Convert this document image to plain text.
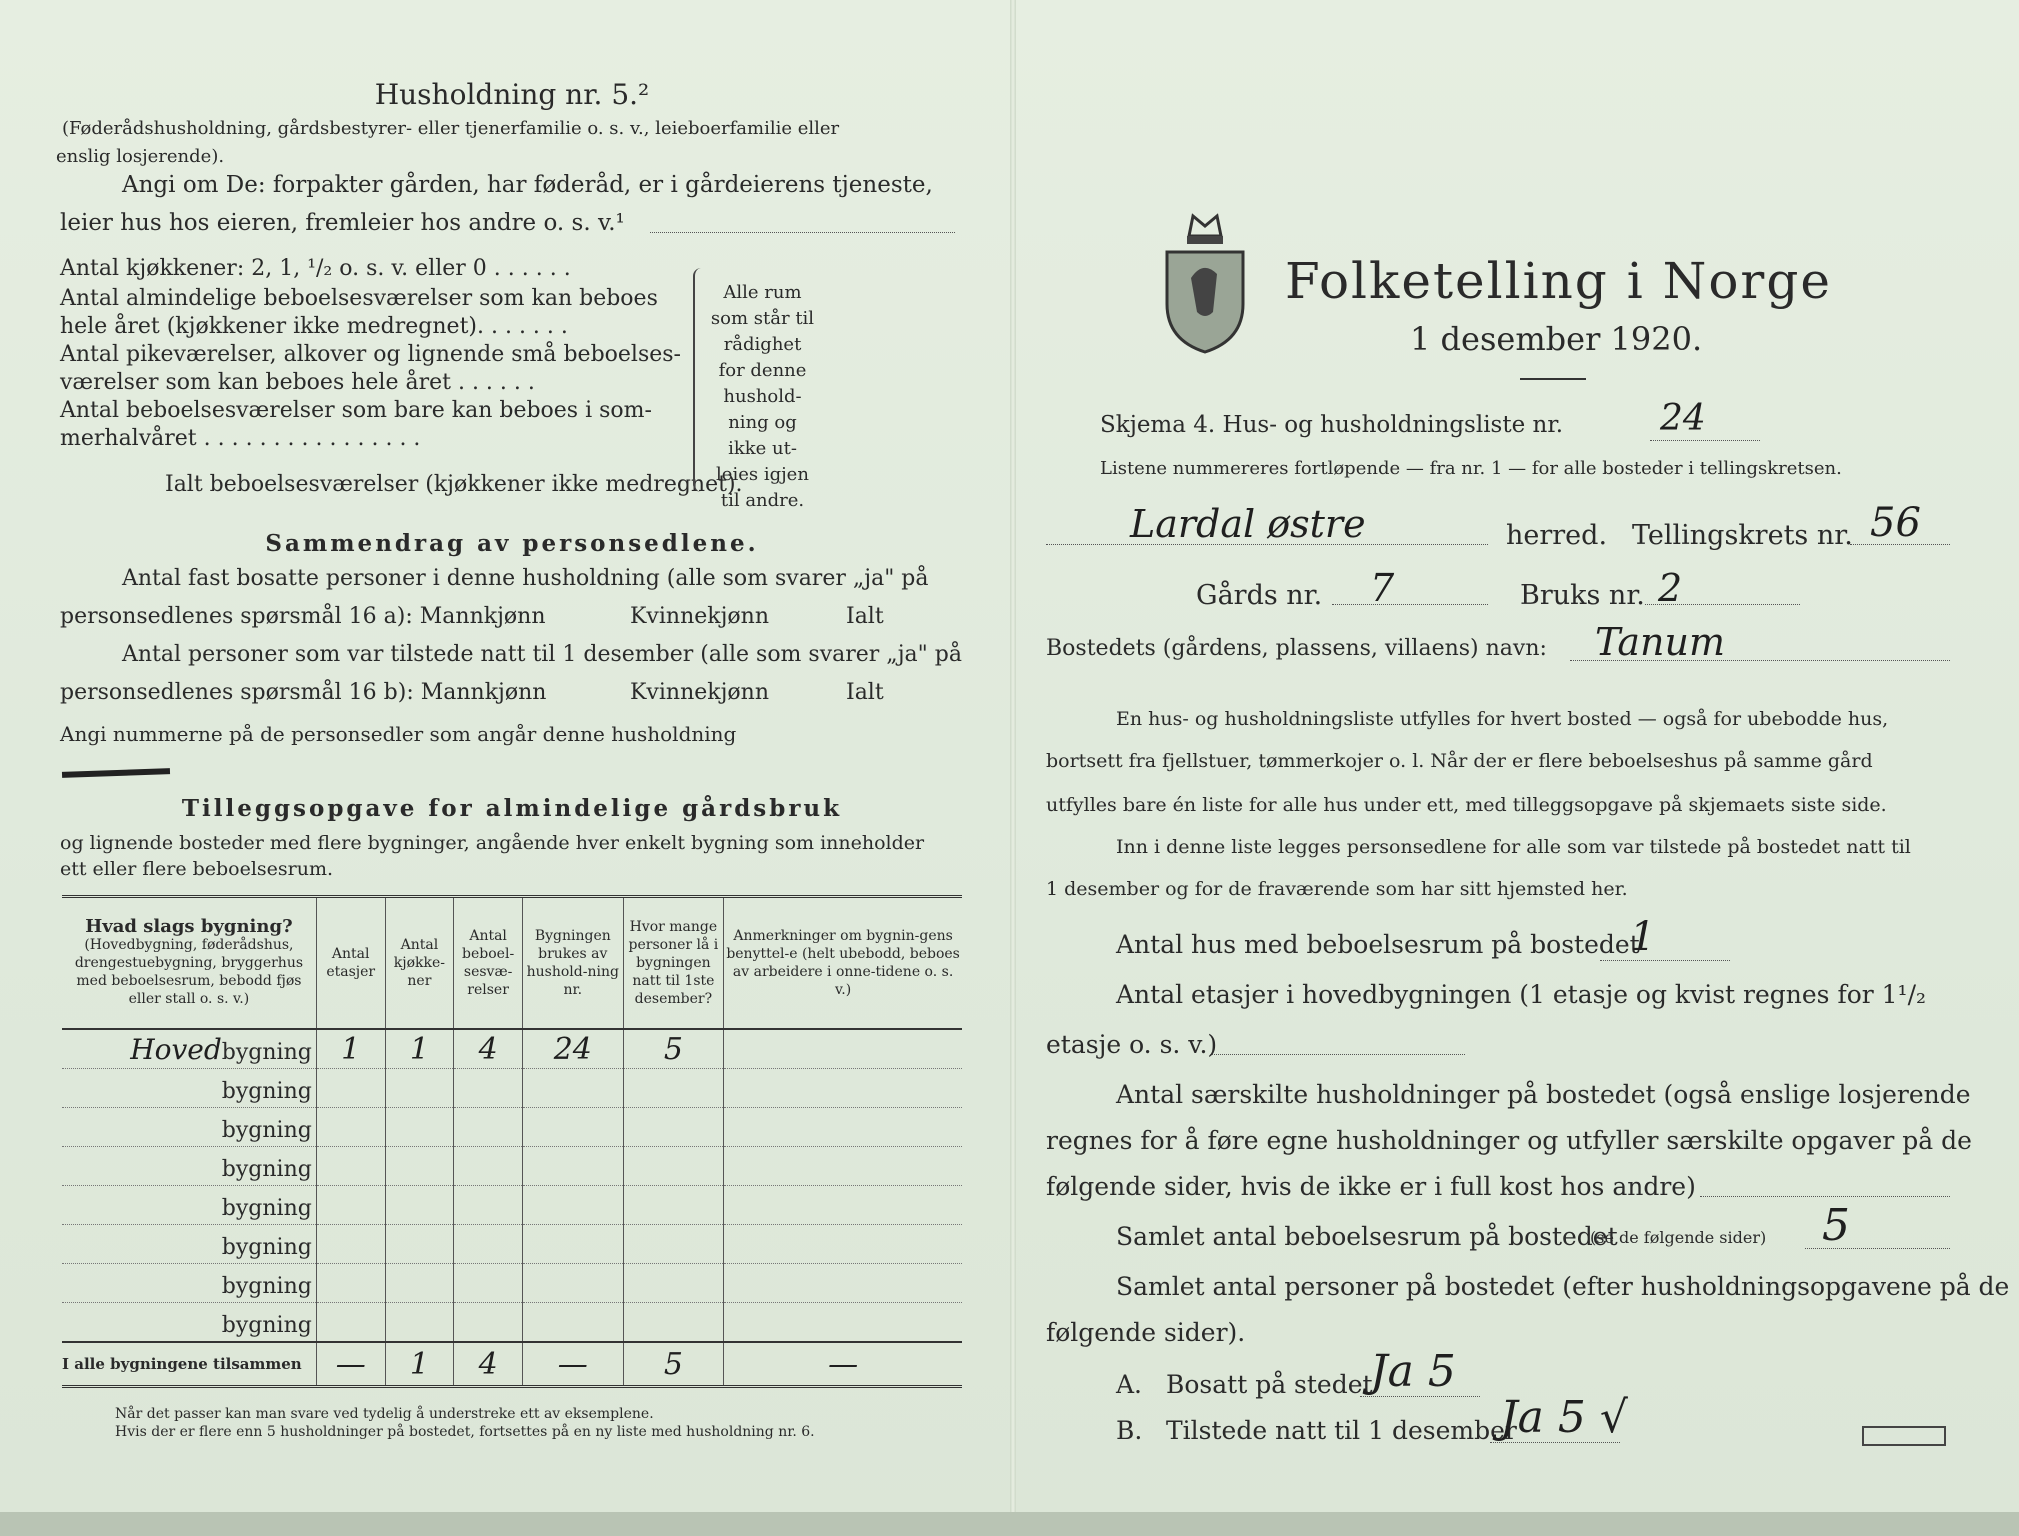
Husholdning nr. 5.²
(Føderådshusholdning, gårdsbestyrer- eller tjenerfamilie o. s. v., leieboerfamilie eller
enslig losjerende).
Angi om De: forpakter gården, har føderåd, er i gårdeierens tjeneste,
leier hus hos eieren, fremleier hos andre o. s. v.¹
Antal kjøkkener: 2, 1, ¹/₂ o. s. v. eller 0 . . . . . .
Antal almindelige beboelsesværelser som kan beboes
hele året (kjøkkener ikke medregnet). . . . . . .
Antal pikeværelser, alkover og lignende små beboelses-
værelser som kan beboes hele året . . . . . .
Antal beboelsesværelser som bare kan beboes i som-
merhalvåret . . . . . . . . . . . . . . . .
Ialt beboelsesværelser (kjøkkener ikke medregnet).
Alle rum
som står til
rådighet
for denne
hushold-
ning og
ikke ut-
leies igjen
til andre.
Sammendrag av personsedlene.
Antal fast bosatte personer i denne husholdning (alle som svarer „ja" på
personsedlenes spørsmål 16 a): Mannkjønn	Kvinnekjønn	Ialt
Antal personer som var tilstede natt til 1 desember (alle som svarer „ja" på
personsedlenes spørsmål 16 b): Mannkjønn	Kvinnekjønn	Ialt
Angi nummerne på de personsedler som angår denne husholdning
Tilleggsopgave for almindelige gårdsbruk
og lignende bosteder med flere bygninger, angående hver enkelt bygning som inneholder
ett eller flere beboelsesrum.
Hvad slags bygning?
(Hovedbygning, føderådshus, drengestuebygning, bryggerhus med beboelsesrum, bebodd fjøs eller stall o. s. v.)	Antal etasjer	Antal kjøkke-ner	Antal beboel-sesvæ-relser	Bygningen brukes av hushold-ning nr.	Hvor mange personer lå i bygningen natt til 1ste desember?	Anmerkninger om bygnin-gens benyttel-e (helt ubebodd, beboes av arbeidere i onne-tidene o. s. v.)
Hovedbygning	1	1	4	24	5	
bygning						
bygning						
bygning						
bygning						
bygning						
bygning						
bygning						
I alle bygningene tilsammen	—	1	4	—	5	—
Når det passer kan man svare ved tydelig å understreke ett av eksemplene.
Hvis der er flere enn 5 husholdninger på bostedet, fortsettes på en ny liste med husholdning nr. 6.
Folketelling i Norge
1 desember 1920.
Skjema 4. Hus- og husholdningsliste nr.	24
Listene nummereres fortløpende — fra nr. 1 — for alle bosteder i tellingskretsen.
Lardal østre	herred. Tellingskrets nr. 56
Gårds nr. 7	Bruks nr. 2
Bostedets (gårdens, plassens, villaens) navn: Tanum
En hus- og husholdningsliste utfylles for hvert bosted — også for ubebodde hus,
bortsett fra fjellstuer, tømmerkojer o. l. Når der er flere beboelseshus på samme gård
utfylles bare én liste for alle hus under ett, med tilleggsopgave på skjemaets siste side.
Inn i denne liste legges personsedlene for alle som var tilstede på bostedet natt til
1 desember og for de fraværende som har sitt hjemsted her.
Antal hus med beboelsesrum på bostedet
1
Antal etasjer i hovedbygningen (1 etasje og kvist regnes for 1¹/₂
etasje o. s. v.)
Antal særskilte husholdninger på bostedet (også enslige losjerende
regnes for å føre egne husholdninger og utfyller særskilte opgaver på de
følgende sider, hvis de ikke er i full kost hos andre)
Samlet antal beboelsesrum på bostedet
(se de følgende sider) 5
Samlet antal personer på bostedet (efter husholdningsopgavene på de
følgende sider).
A. Bosatt på stedet
Ja 5
B. Tilstede natt til 1 desember
Ja 5 √
